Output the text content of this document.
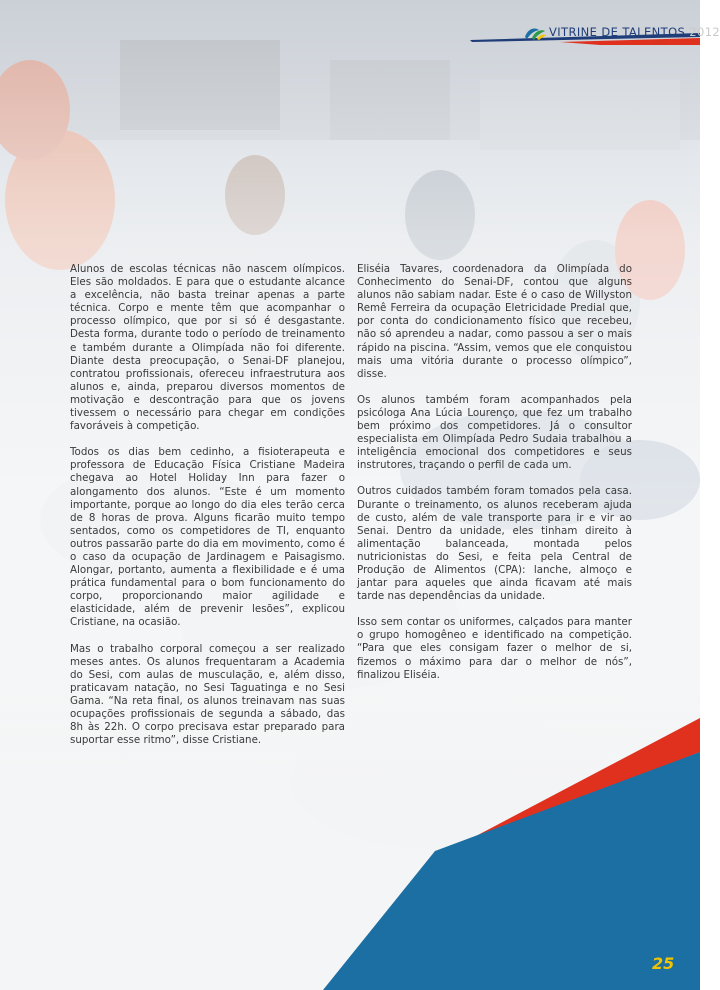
VITRINE DE TALENTOS 2012
SENAI

Alunos de escolas técnicas não nascem olímpicos. Eles são moldados. E para que o estudante alcance a excelência, não basta treinar apenas a parte técnica. Corpo e mente têm que acompanhar o processo olímpico, que por si só é desgastante. Desta forma, durante todo o período de treinamento e também durante a Olimpíada não foi diferente. Diante desta preocupação, o Senai-DF planejou, contratou profissionais, ofereceu infraestrutura aos alunos e, ainda, preparou diversos momentos de motivação e descontração para que os jovens tivessem o necessário para chegar em condições favoráveis à competição.

Todos os dias bem cedinho, a fisioterapeuta e professora de Educação Física Cristiane Madeira chegava ao Hotel Holiday Inn para fazer o alongamento dos alunos. “Este é um momento importante, porque ao longo do dia eles terão cerca de 8 horas de prova. Alguns ficarão muito tempo sentados, como os competidores de TI, enquanto outros passarão parte do dia em movimento, como é o caso da ocupação de Jardinagem e Paisagismo. Alongar, portanto, aumenta a flexibilidade e é uma prática fundamental para o bom funcionamento do corpo, proporcionando maior agilidade e elasticidade, além de prevenir lesões”, explicou Cristiane, na ocasião.

Mas o trabalho corporal começou a ser realizado meses antes. Os alunos frequentaram a Academia do Sesi, com aulas de musculação, e, além disso, praticavam natação, no Sesi Taguatinga e no Sesi Gama. “Na reta final, os alunos treinavam nas suas ocupações profissionais de segunda a sábado, das 8h às 22h. O corpo precisava estar preparado para suportar esse ritmo”, disse Cristiane.

Eliséia Tavares, coordenadora da Olimpíada do Conhecimento do Senai-DF, contou que alguns alunos não sabiam nadar. Este é o caso de Willyston Remê Ferreira da ocupação Eletricidade Predial que, por conta do condicionamento físico que recebeu, não só aprendeu a nadar, como passou a ser o mais rápido na piscina. “Assim, vemos que ele conquistou mais uma vitória durante o processo olímpico”, disse.

Os alunos também foram acompanhados pela psicóloga Ana Lúcia Lourenço, que fez um trabalho bem próximo dos competidores. Já o consultor especialista em Olimpíada Pedro Sudaia trabalhou a inteligência emocional dos competidores e seus instrutores, traçando o perfil de cada um.

Outros cuidados também foram tomados pela casa. Durante o treinamento, os alunos receberam ajuda de custo, além de vale transporte para ir e vir ao Senai. Dentro da unidade, eles tinham direito à alimentação balanceada, montada pelos nutricionistas do Sesi, e feita pela Central de Produção de Alimentos (CPA): lanche, almoço e jantar para aqueles que ainda ficavam até mais tarde nas dependências da unidade.

Isso sem contar os uniformes, calçados para manter o grupo homogêneo e identificado na competição. “Para que eles consigam fazer o melhor de si, fizemos o máximo para dar o melhor de nós”, finalizou Eliséia.

25
